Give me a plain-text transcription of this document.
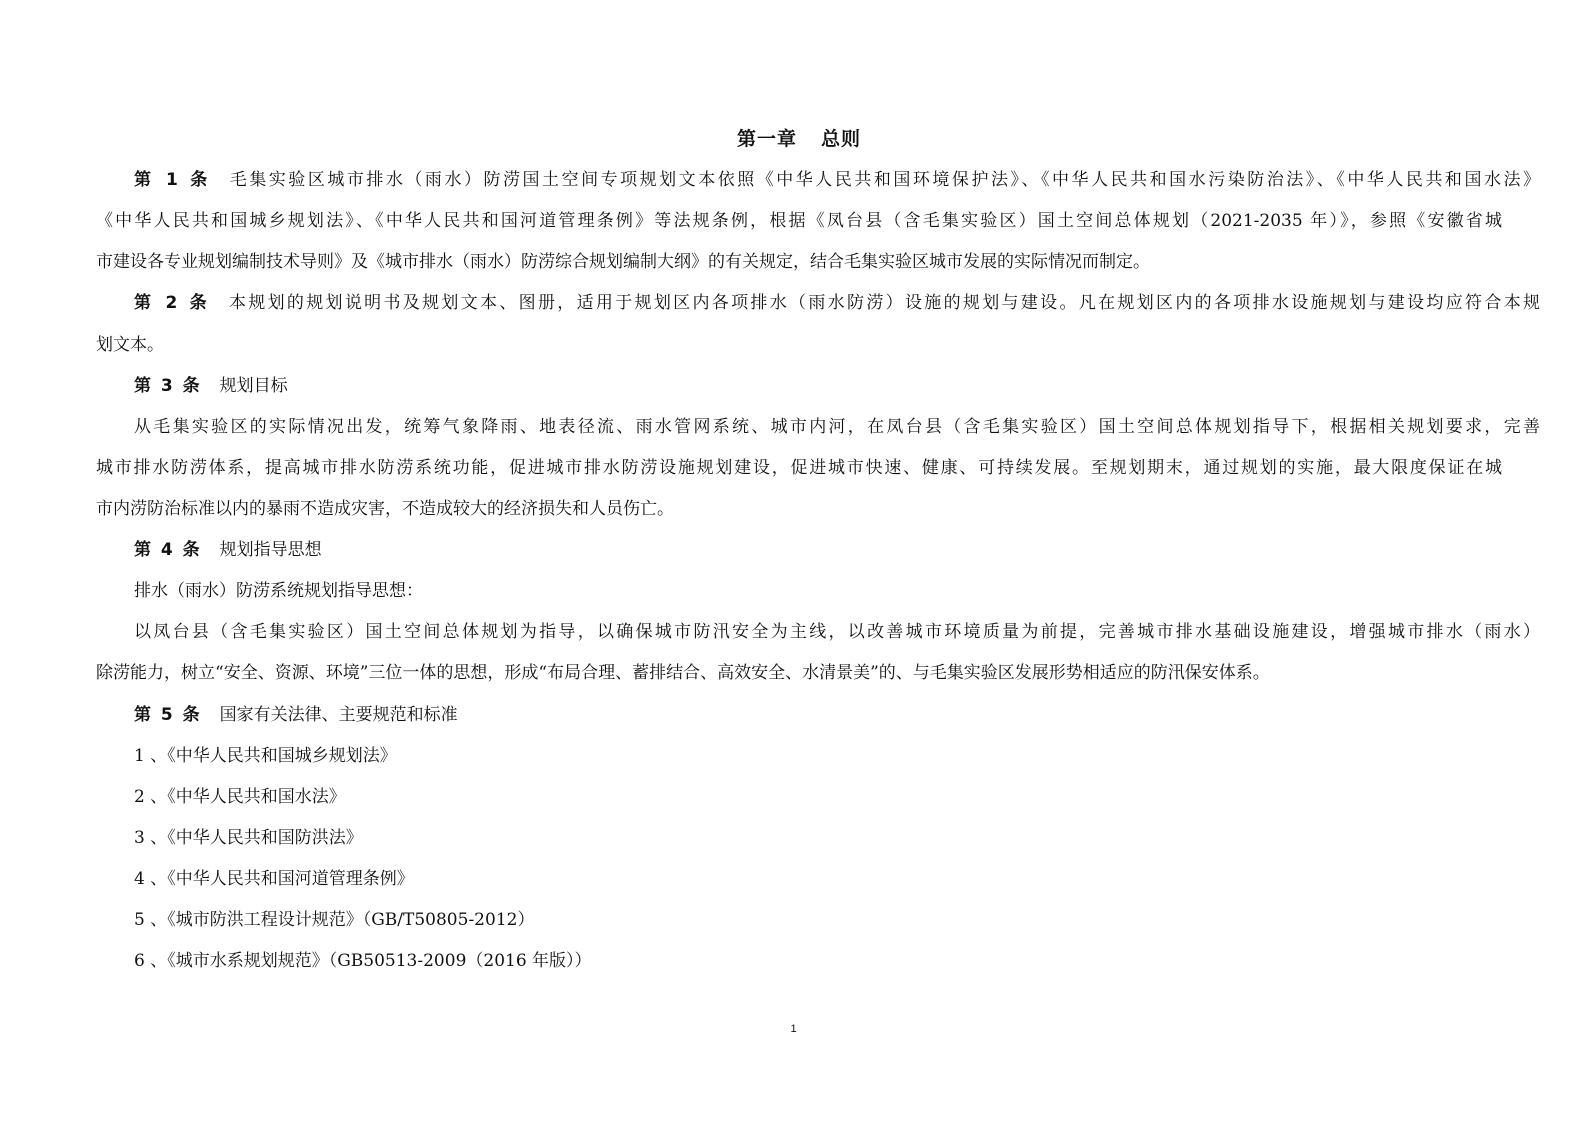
第一章 总则
第 1 条 毛集实验区城市排水（雨水）防涝国土空间专项规划文本依照《中华人民共和国环境保护法》、《中华人民共和国水污染防治法》、《中华人民共和国水法》
《中华人民共和国城乡规划法》、《中华人民共和国河道管理条例》等法规条例，根据《凤台县（含毛集实验区）国土空间总体规划（2021-2035 年）》，参照《安徽省城
市建设各专业规划编制技术导则》及《城市排水（雨水）防涝综合规划编制大纲》的有关规定，结合毛集实验区城市发展的实际情况而制定。
第 2 条 本规划的规划说明书及规划文本、图册，适用于规划区内各项排水（雨水防涝）设施的规划与建设。凡在规划区内的各项排水设施规划与建设均应符合本规
划文本。
第 3 条 规划目标
从毛集实验区的实际情况出发，统筹气象降雨、地表径流、雨水管网系统、城市内河，在凤台县（含毛集实验区）国土空间总体规划指导下，根据相关规划要求，完善
城市排水防涝体系，提高城市排水防涝系统功能，促进城市排水防涝设施规划建设，促进城市快速、健康、可持续发展。至规划期末，通过规划的实施，最大限度保证在城
市内涝防治标准以内的暴雨不造成灾害，不造成较大的经济损失和人员伤亡。
第 4 条 规划指导思想
排水（雨水）防涝系统规划指导思想：
以凤台县（含毛集实验区）国土空间总体规划为指导，以确保城市防汛安全为主线，以改善城市环境质量为前提，完善城市排水基础设施建设，增强城市排水（雨水）
除涝能力，树立“安全、资源、环境”三位一体的思想，形成“布局合理、蓄排结合、高效安全、水清景美”的、与毛集实验区发展形势相适应的防汛保安体系。
第 5 条 国家有关法律、主要规范和标准
1 、《中华人民共和国城乡规划法》
2 、《中华人民共和国水法》
3 、《中华人民共和国防洪法》
4 、《中华人民共和国河道管理条例》
5 、《城市防洪工程设计规范》（GB/T50805-2012）
6 、《城市水系规划规范》（GB50513-2009（2016 年版））
1
